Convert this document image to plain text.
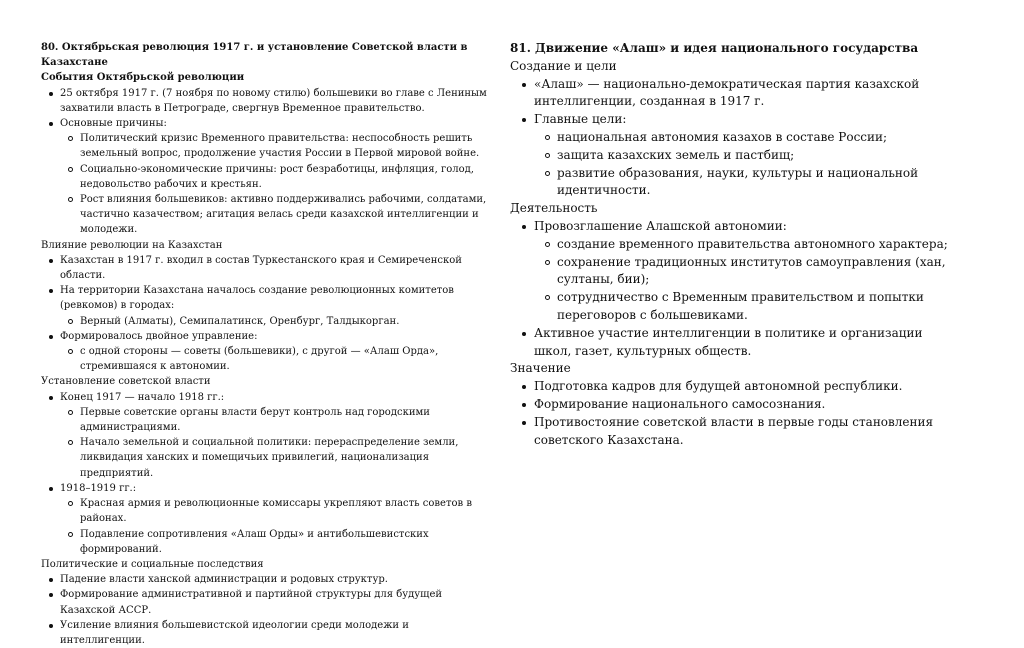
80. Октябрьская революция 1917 г. и установление Советской власти в Казахстане
События Октябрьской революции
25 октября 1917 г. (7 ноября по новому стилю) большевики во главе с Лениным захватили власть в Петрограде, свергнув Временное правительство.
Основные причины:
Политический кризис Временного правительства: неспособность решить земельный вопрос, продолжение участия России в Первой мировой войне.
Социально-экономические причины: рост безработицы, инфляция, голод, недовольство рабочих и крестьян.
Рост влияния большевиков: активно поддерживались рабочими, солдатами, частично казачеством; агитация велась среди казахской интеллигенции и молодежи.
Влияние революции на Казахстан
Казахстан в 1917 г. входил в состав Туркестанского края и Семиреченской области.
На территории Казахстана началось создание революционных комитетов (ревкомов) в городах:
Верный (Алматы), Семипалатинск, Оренбург, Талдыкорган.
Формировалось двойное управление:
с одной стороны — советы (большевики), с другой — «Алаш Орда», стремившаяся к автономии.
Установление советской власти
Конец 1917 — начало 1918 гг.:
Первые советские органы власти берут контроль над городскими администрациями.
Начало земельной и социальной политики: перераспределение земли, ликвидация ханских и помещичьих привилегий, национализация предприятий.
1918–1919 гг.:
Красная армия и революционные комиссары укрепляют власть советов в районах.
Подавление сопротивления «Алаш Орды» и антибольшевистских формирований.
Политические и социальные последствия
Падение власти ханской администрации и родовых структур.
Формирование административной и партийной структуры для будущей Казахской АССР.
Усиление влияния большевистской идеологии среди молодежи и интеллигенции.
81. Движение «Алаш» и идея национального государства
Создание и цели
«Алаш» — национально-демократическая партия казахской интеллигенции, созданная в 1917 г.
Главные цели:
национальная автономия казахов в составе России;
защита казахских земель и пастбищ;
развитие образования, науки, культуры и национальной идентичности.
Деятельность
Провозглашение Алашской автономии:
создание временного правительства автономного характера;
сохранение традиционных институтов самоуправления (хан, султаны, бии);
сотрудничество с Временным правительством и попытки переговоров с большевиками.
Активное участие интеллигенции в политике и организации школ, газет, культурных обществ.
Значение
Подготовка кадров для будущей автономной республики.
Формирование национального самосознания.
Противостояние советской власти в первые годы становления советского Казахстана.
